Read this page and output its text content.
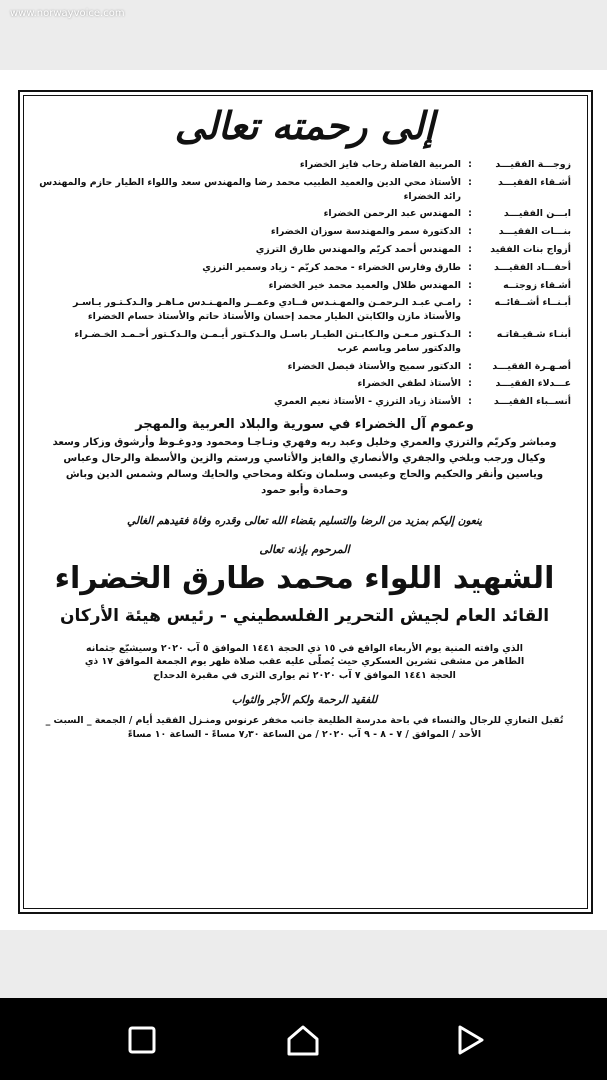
www.norwayvoice.com
إلى رحمته تعالى
زوجـــة الفقيـــد
:
المربية الفاضلة رحاب فايز الخضراء
أشـقاء الفقيـــد
:
الأستاذ محي الدين والعميد الطبيب محمد رضا والمهندس سعد واللواء الطيار حازم والمهندس رائد الخضراء
ابـــن الفقيـــد
:
المهندس عبد الرحمن الخضراء
بنـــات الفقيـــد
:
الدكتورة سمر والمهندسة سوزان الخضراء
أزواج بنات الفقيد
:
المهندس أحمد كريّم والمهندس طارق الترزي
أحفـــاد الفقيـــد
:
طارق وفارس الخضراء - محمد كريّم - زياد وسمير الترزي
أشـقاء زوجتــه
:
المهندس طلال والعميد محمد خير الخضراء
أبـنــاء أشــقائــه
:
رامـي عبـد الـرحمـن والمهـنـدس فــادي وعمــر والمهـنـدس مـاهـر والـدكـتـور يـاسـر والأستاذ مازن والكابتن الطيار محمد إحسان والأستاذ حاتم والأستاذ حسام الخضراء
أبنـاء شـقيـقاتـه
:
الـدكـتور مـعـن والـكابـتن الطيـار باسـل والـدكـتور أيـمـن والـدكـتور أحـمـد الخـضـراء والدكتور سامر وباسم عرب
أصـهـرة الفقيـــد
:
الدكتور سميح والأستاذ فيصل الخضراء
عـــدلاء الفقيـــد
:
الأستاذ لطفي الخضراء
أنســباء الفقيـــد
:
الأستاذ زياد الترزي - الأستاذ نعيم العمري
وعموم آل الخضراء في سورية والبلاد العربية والمهجر
ومباشر وكريّم والترزي والعمري وخليل وعبد ربه وفهري وتـاجـا ومحمود ودوغـوظ وأرشوق وزكار وسعد وكيال ورجب وبلخي والجفري والأنصاري والفايز والأتاسي ورستم والزين والأسطة والرحال وعباس وياسين وأنقر والحكيم والحاج وعيسى وسلمان وتكلة ومحاحي والحايك وسالم وشمس الدين وباش وحمادة وأبو حمود
ينعون إليكم بمزيد من الرضا والتسليم بقضاء الله تعالى وقدره وفاة فقيدهم الغالي
المرحوم بإذنه تعالى
الشهيد اللواء محمد طارق الخضراء
القائد العام لجيش التحرير الفلسطيني - رئيس هيئة الأركان
الذي وافته المنية يوم الأربعاء الواقع في ١٥ ذي الحجة ١٤٤١ الموافق ٥ آب ٢٠٢٠ وسيشيّع جثمانه الطاهر من مشفى تشرين العسكري حيث يُصلّى عليه عقب صلاة ظهر يوم الجمعة الموافق ١٧ ذي الحجة ١٤٤١ الموافق ٧ آب ٢٠٢٠ ثم يوارى الثرى في مقبرة الدحداح
للفقيد الرحمة ولكم الأجر والثواب
تُقبل التعازي للرجال والنساء في باحة مدرسة الطليعة جانب مخفر عرنوس ومنـزل الفقيد أيام / الجمعة _ السبت _ الأحد / الموافق / ٧ - ٨ - ٩ آب ٢٠٢٠ / من الساعة ٧٫٣٠ مساءً - الساعة ١٠ مساءً
